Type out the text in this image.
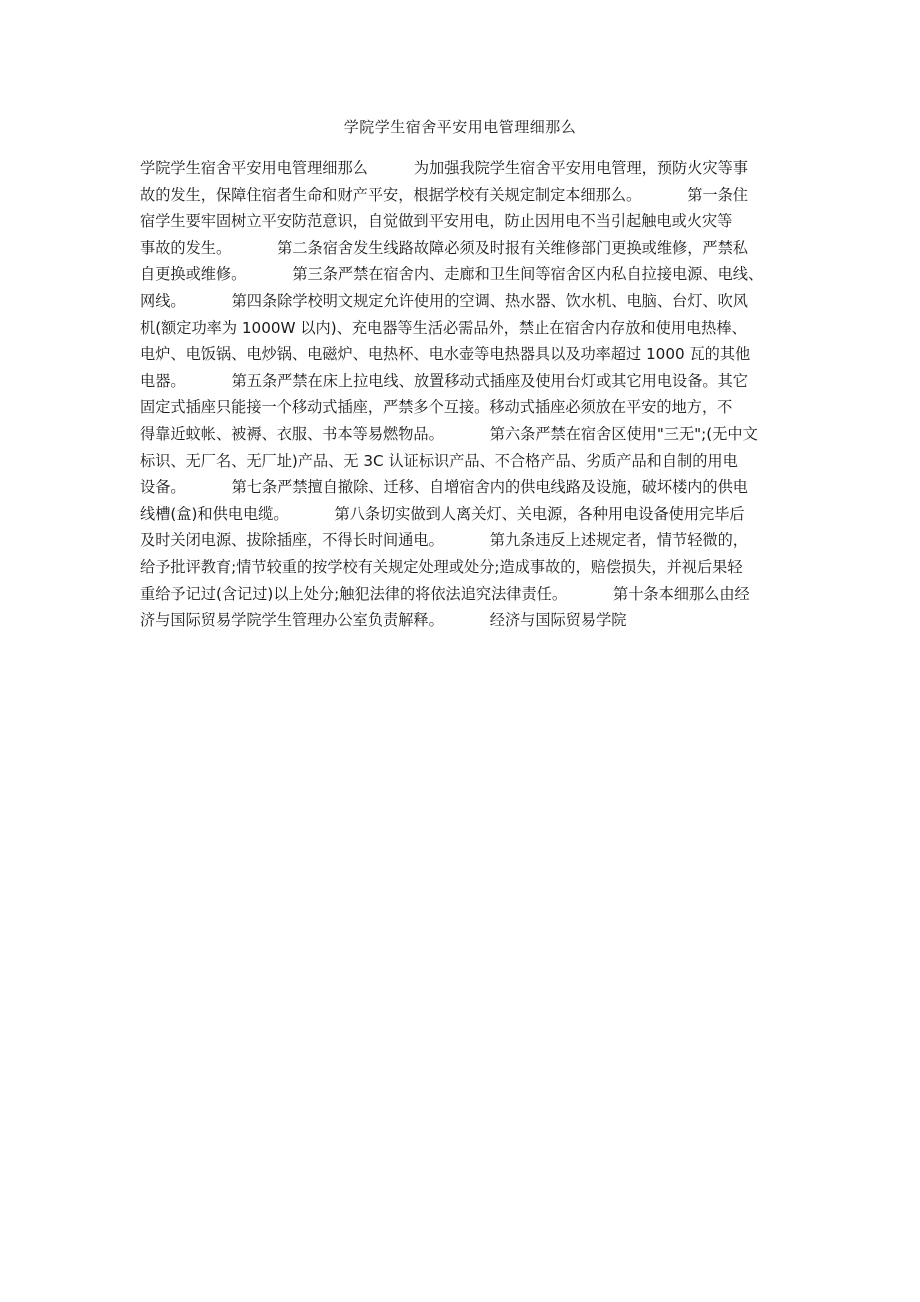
学院学生宿舍平安用电管理细那么
学院学生宿舍平安用电管理细那么	为加强我院学生宿舍平安用电管理，预防火灾等事
故的发生，保障住宿者生命和财产平安，根据学校有关规定制定本细那么。	第一条住
宿学生要牢固树立平安防范意识，自觉做到平安用电，防止因用电不当引起触电或火灾等
事故的发生。	第二条宿舍发生线路故障必须及时报有关维修部门更换或维修，严禁私
自更换或维修。	第三条严禁在宿舍内、走廊和卫生间等宿舍区内私自拉接电源、电线、
网线。	第四条除学校明文规定允许使用的空调、热水器、饮水机、电脑、台灯、吹风
机(额定功率为 1000W 以内)、充电器等生活必需品外，禁止在宿舍内存放和使用电热棒、
电炉、电饭锅、电炒锅、电磁炉、电热杯、电水壶等电热器具以及功率超过 1000 瓦的其他
电器。	第五条严禁在床上拉电线、放置移动式插座及使用台灯或其它用电设备。其它
固定式插座只能接一个移动式插座，严禁多个互接。移动式插座必须放在平安的地方，不
得靠近蚊帐、被褥、衣服、书本等易燃物品。	第六条严禁在宿舍区使用"三无";(无中文
标识、无厂名、无厂址)产品、无 3C 认证标识产品、不合格产品、劣质产品和自制的用电
设备。	第七条严禁擅自撤除、迁移、自增宿舍内的供电线路及设施，破坏楼内的供电
线槽(盒)和供电电缆。	第八条切实做到人离关灯、关电源，各种用电设备使用完毕后
及时关闭电源、拔除插座，不得长时间通电。	第九条违反上述规定者，情节轻微的，
给予批评教育;情节较重的按学校有关规定处理或处分;造成事故的，赔偿损失，并视后果轻
重给予记过(含记过)以上处分;触犯法律的将依法追究法律责任。	第十条本细那么由经
济与国际贸易学院学生管理办公室负责解释。	经济与国际贸易学院
